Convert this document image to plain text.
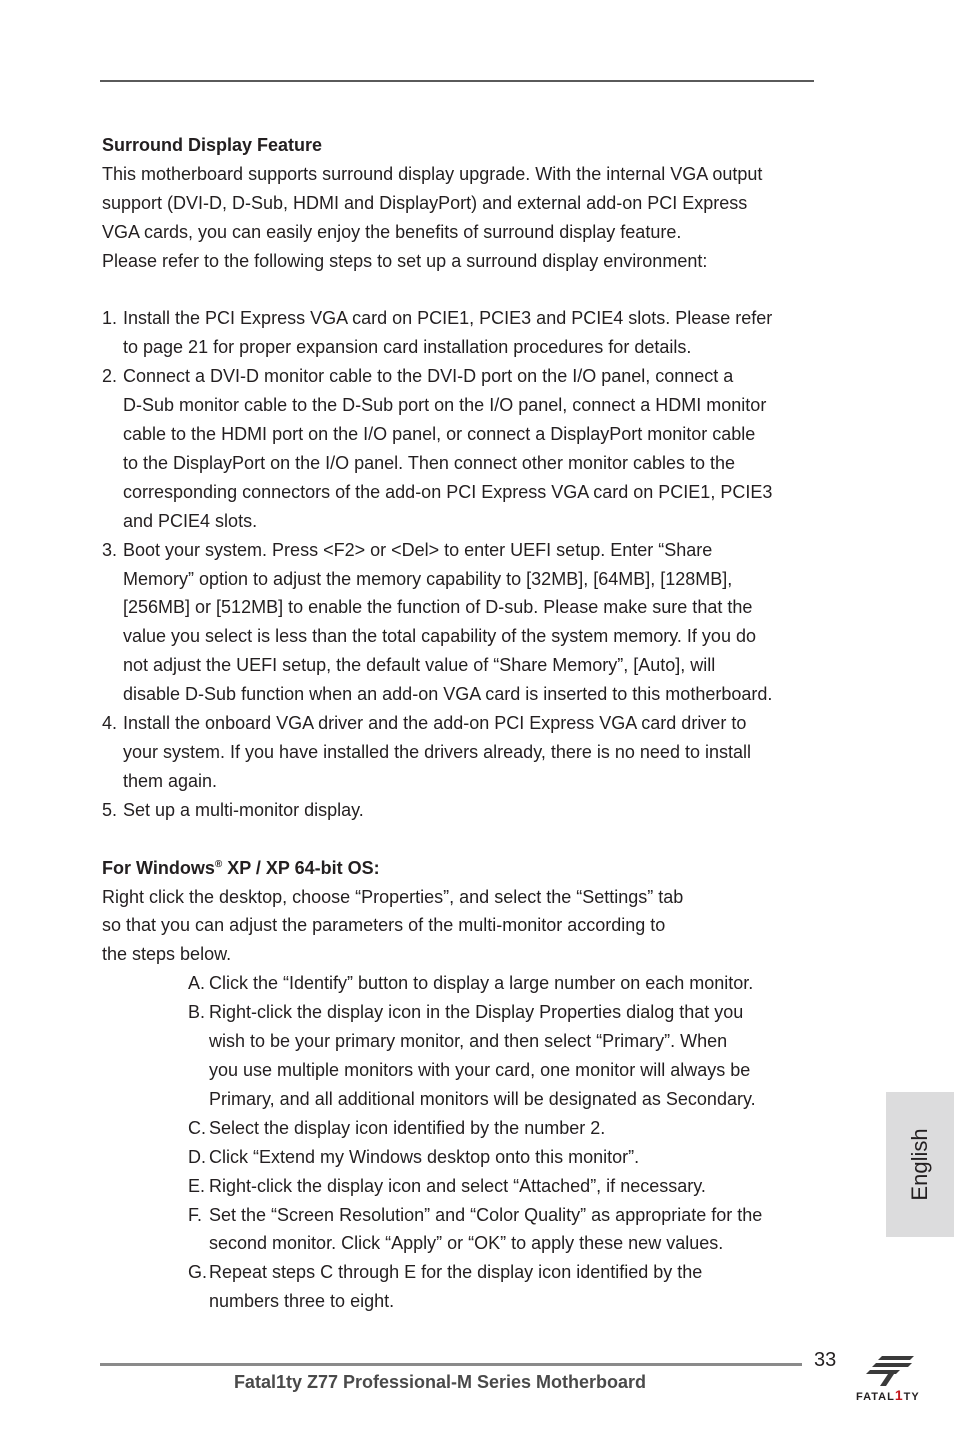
Surround Display Feature

This motherboard supports surround display upgrade. With the internal VGA output

support (DVI-D, D-Sub, HDMI and DisplayPort) and external add-on PCI Express

VGA cards, you can easily enjoy the benefits of surround display feature.

Please refer to the following steps to set up a surround display environment:

1. Install the PCI Express VGA card on PCIE1, PCIE3 and PCIE4 slots. Please refer

to page 21 for proper expansion card installation procedures for details.

2. Connect a DVI-D monitor cable to the DVI-D port on the I/O panel, connect a

D-Sub monitor cable to the D-Sub port on the I/O panel, connect a HDMI monitor

cable to the HDMI port on the I/O panel, or connect a DisplayPort monitor cable

to the DisplayPort on the I/O panel. Then connect other monitor cables to the

corresponding connectors of the add-on PCI Express VGA card on PCIE1, PCIE3

and PCIE4 slots.

3. Boot your system. Press <F2> or <Del> to enter UEFI setup. Enter “Share

Memory” option to adjust the memory capability to [32MB], [64MB], [128MB],

[256MB] or [512MB] to enable the function of D-sub. Please make sure that the

value you select is less than the total capability of the system memory. If you do

not adjust the UEFI setup, the default value of “Share Memory”, [Auto], will

disable D-Sub function when an add-on VGA card is inserted to this motherboard.

4. Install the onboard VGA driver and the add-on PCI Express VGA card driver to

your system. If you have installed the drivers already, there is no need to install

them again.

5. Set up a multi-monitor display.

For Windows® XP / XP 64-bit OS:

Right click the desktop, choose “Properties”, and select the “Settings” tab

so that you can adjust the parameters of the multi-monitor according to

the steps below.

A. Click the “Identify” button to display a large number on each monitor.

B. Right-click the display icon in the Display Properties dialog that you

wish to be your primary monitor, and then select “Primary”. When

you use multiple monitors with your card, one monitor will always be

Primary, and all additional monitors will be designated as Secondary.

C. Select the display icon identified by the number 2.

D. Click “Extend my Windows desktop onto this monitor”.

E. Right-click the display icon and select “Attached”, if necessary.

F. Set the “Screen Resolution” and “Color Quality” as appropriate for the

second monitor. Click “Apply” or “OK” to apply these new values.

G. Repeat steps C through E for the display icon identified by the

numbers three to eight.

English
33
Fatal1ty Z77 Professional-M Series Motherboard
FATAL1TY
